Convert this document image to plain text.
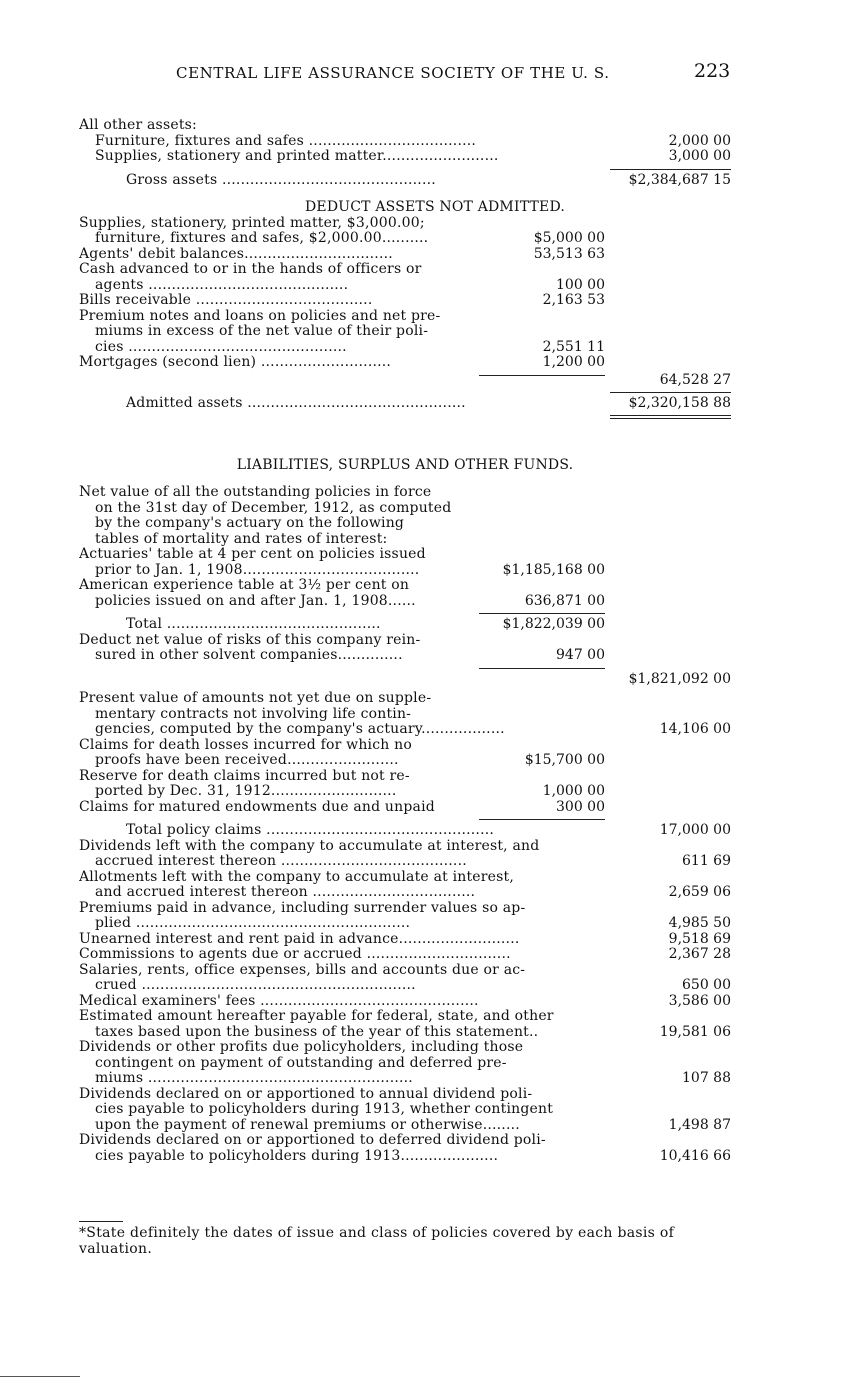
CENTRAL LIFE ASSURANCE SOCIETY OF THE U. S.	223
All other assets:
Furniture, fixtures and safes ....................................	2,000 00
Supplies, stationery and printed matter.........................	3,000 00
Gross assets ..............................................	$2,384,687 15
DEDUCT ASSETS NOT ADMITTED.
Supplies, stationery, printed matter, $3,000.00;
furniture, fixtures and safes, $2,000.00..........	$5,000 00
Agents' debit balances................................	53,513 63
Cash advanced to or in the hands of officers or
agents ...........................................	100 00
Bills receivable ......................................	2,163 53
Premium notes and loans on policies and net pre-
miums in excess of the net value of their poli-
cies ...............................................	2,551 11
Mortgages (second lien) ............................	1,200 00
64,528 27
Admitted assets ...............................................	$2,320,158 88
LIABILITIES, SURPLUS AND OTHER FUNDS.
Net value of all the outstanding policies in force
on the 31st day of December, 1912, as computed
by the company's actuary on the following
tables of mortality and rates of interest:
Actuaries' table at 4 per cent on policies issued
prior to Jan. 1, 1908......................................	$1,185,168 00
American experience table at 3½ per cent on
policies issued on and after Jan. 1, 1908......	636,871 00
Total ..............................................	$1,822,039 00
Deduct net value of risks of this company rein-
sured in other solvent companies..............	947 00
$1,821,092 00
Present value of amounts not yet due on supple-
mentary contracts not involving life contin-
gencies, computed by the company's actuary..................	14,106 00
Claims for death losses incurred for which no
proofs have been received........................	$15,700 00
Reserve for death claims incurred but not re-
ported by Dec. 31, 1912...........................	1,000 00
Claims for matured endowments due and unpaid	300 00
Total policy claims .................................................	17,000 00
Dividends left with the company to accumulate at interest, and
accrued interest thereon ........................................	611 69
Allotments left with the company to accumulate at interest,
and accrued interest thereon ...................................	2,659 06
Premiums paid in advance, including surrender values so ap-
plied ...........................................................	4,985 50
Unearned interest and rent paid in advance..........................	9,518 69
Commissions to agents due or accrued ...............................	2,367 28
Salaries, rents, office expenses, bills and accounts due or ac-
crued ...........................................................	650 00
Medical examiners' fees ...............................................	3,586 00
Estimated amount hereafter payable for federal, state, and other
taxes based upon the business of the year of this statement..	19,581 06
Dividends or other profits due policyholders, including those
contingent on payment of outstanding and deferred pre-
miums .........................................................	107 88
Dividends declared on or apportioned to annual dividend poli-
cies payable to policyholders during 1913, whether contingent
upon the payment of renewal premiums or otherwise........	1,498 87
Dividends declared on or apportioned to deferred dividend poli-
cies payable to policyholders during 1913.....................	10,416 66
*State definitely the dates of issue and class of policies covered by each basis of valuation.
